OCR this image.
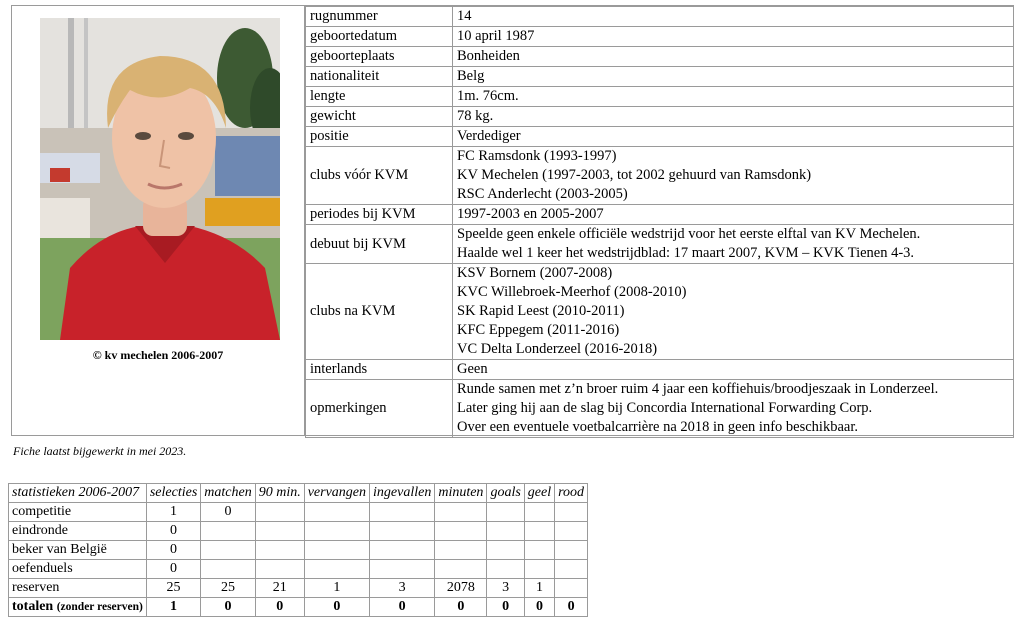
© kv mechelen 2006-2007
rugnummer	14

geboortedatum	10 april 1987

geboorteplaats	Bonheiden

nationaliteit	Belg

lengte	1m. 76cm.

gewicht	78 kg.

positie	Verdediger

clubs vóór KVM	FC Ramsdonk (1993-1997)
KV Mechelen (1997-2003, tot 2002 gehuurd van Ramsdonk)
RSC Anderlecht (2003-2005)

periodes bij KVM	1997-2003 en 2005-2007

debuut bij KVM	Speelde geen enkele officiële wedstrijd voor het eerste elftal van KV Mechelen.
Haalde wel 1 keer het wedstrijdblad: 17 maart 2007, KVM – KVK Tienen 4-3.

clubs na KVM	KSV Bornem (2007-2008)
KVC Willebroek-Meerhof (2008-2010)
SK Rapid Leest (2010-2011)
KFC Eppegem (2011-2016)
VC Delta Londerzeel (2016-2018)

interlands	Geen

opmerkingen	Runde samen met z’n broer ruim 4 jaar een koffiehuis/broodjeszaak in Londerzeel.
Later ging hij aan de slag bij Concordia International Forwarding Corp.
Over een eventuele voetbalcarrière na 2018 in geen info beschikbaar.
Fiche laatst bijgewerkt in mei 2023.
statistieken 2006-2007	selecties	matchen	90 min.	vervangen	ingevallen	minuten	goals	geel	rood
competitie	1	0							
eindronde	0								
beker van België	0								
oefenduels	0								
reserven	25	25	21	1	3	2078	3	1	
totalen (zonder reserven)	1	0	0	0	0	0	0	0	0
